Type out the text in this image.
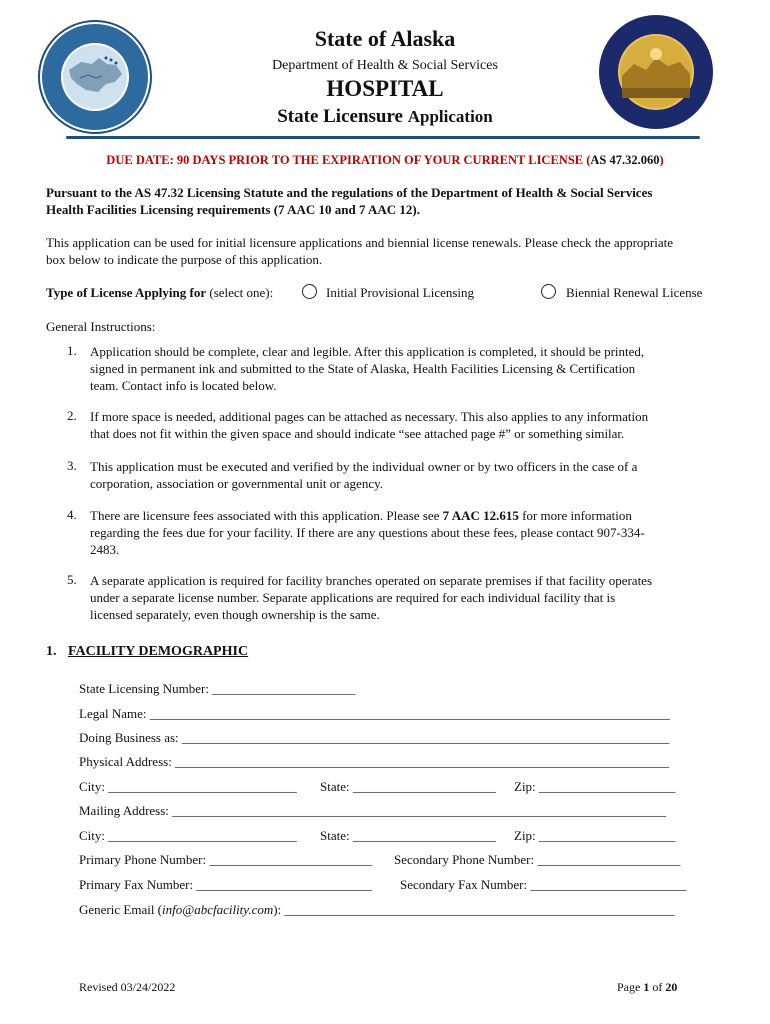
State of Alaska
Department of Health & Social Services
HOSPITAL
State Licensure Application
DUE DATE: 90 DAYS PRIOR TO THE EXPIRATION OF YOUR CURRENT LICENSE (AS 47.32.060)
Pursuant to the AS 47.32 Licensing Statute and the regulations of the Department of Health & Social Services
Health Facilities Licensing requirements (7 AAC 10 and 7 AAC 12).
This application can be used for initial licensure applications and biennial license renewals. Please check the appropriate
box below to indicate the purpose of this application.
Type of License Applying for (select one):	Initial Provisional Licensing	Biennial Renewal License
General Instructions:
1. Application should be complete, clear and legible. After this application is completed, it should be printed,
signed in permanent ink and submitted to the State of Alaska, Health Facilities Licensing & Certification
team. Contact info is located below.
2. If more space is needed, additional pages can be attached as necessary. This also applies to any information
that does not fit within the given space and should indicate “see attached page #” or something similar.
3. This application must be executed and verified by the individual owner or by two officers in the case of a
corporation, association or governmental unit or agency.
4. There are licensure fees associated with this application. Please see 7 AAC 12.615 for more information
regarding the fees due for your facility. If there are any questions about these fees, please contact 907-334-
2483.
5. A separate application is required for facility branches operated on separate premises if that facility operates
under a separate license number. Separate applications are required for each individual facility that is
licensed separately, even though ownership is the same.
1. FACILITY DEMOGRAPHIC
State Licensing Number: ______________________
Legal Name: ________________________________________________________________________________
Doing Business as: ___________________________________________________________________________
Physical Address: ____________________________________________________________________________
City: _____________________________ State: ______________________ Zip: _____________________
Mailing Address: ____________________________________________________________________________
City: _____________________________ State: ______________________ Zip: _____________________
Primary Phone Number: _________________________ Secondary Phone Number: ______________________
Primary Fax Number: ___________________________ Secondary Fax Number: ________________________
Generic Email (info@abcfacility.com): ____________________________________________________________
Revised 03/24/2022	Page 1 of 20
